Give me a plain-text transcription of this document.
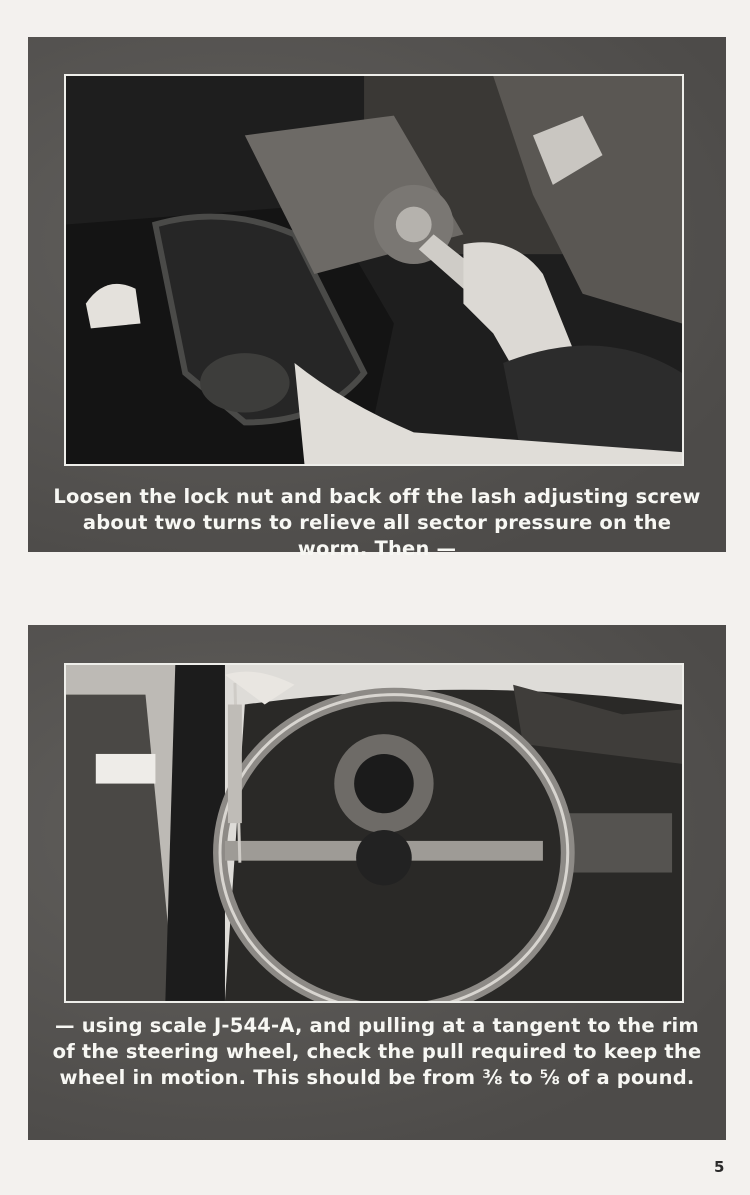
Loosen the lock nut and back off the lash adjusting screw about two turns to relieve all sector pressure on the worm. Then —

— using scale J-544-A, and pulling at a tangent to the rim of the steering wheel, check the pull required to keep the wheel in motion. This should be from ⅜ to ⅝ of a pound.

5
